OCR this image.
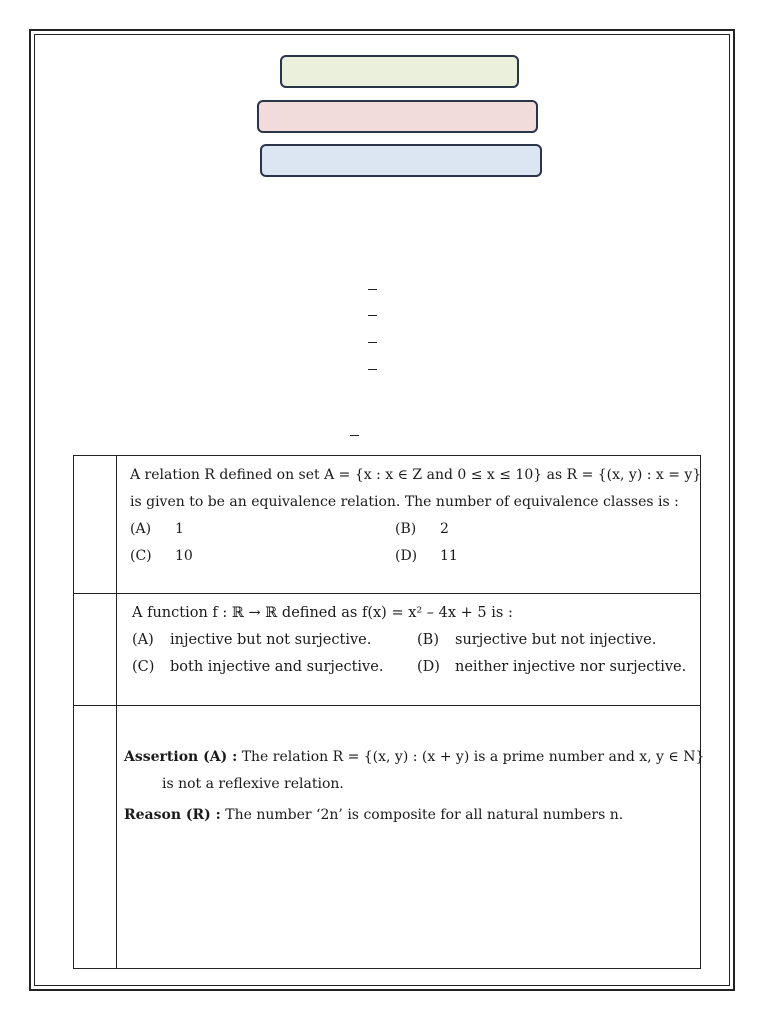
A relation R defined on set A = {x : x ∈ Z and 0 ≤ x ≤ 10} as R = {(x, y) : x = y}
is given to be an equivalence relation. The number of equivalence classes is :
(A) 1	(B) 2
(C) 10	(D) 11
A function f : ℝ → ℝ defined as f(x) = x² – 4x + 5 is :
(A) injective but not surjective.	(B) surjective but not injective.
(C) both injective and surjective. (D) neither injective nor surjective.
Assertion (A) : The relation R = {(x, y) : (x + y) is a prime number and x, y ∈ N}
is not a reflexive relation.
Reason (R) : The number ‘2n’ is composite for all natural numbers n.
